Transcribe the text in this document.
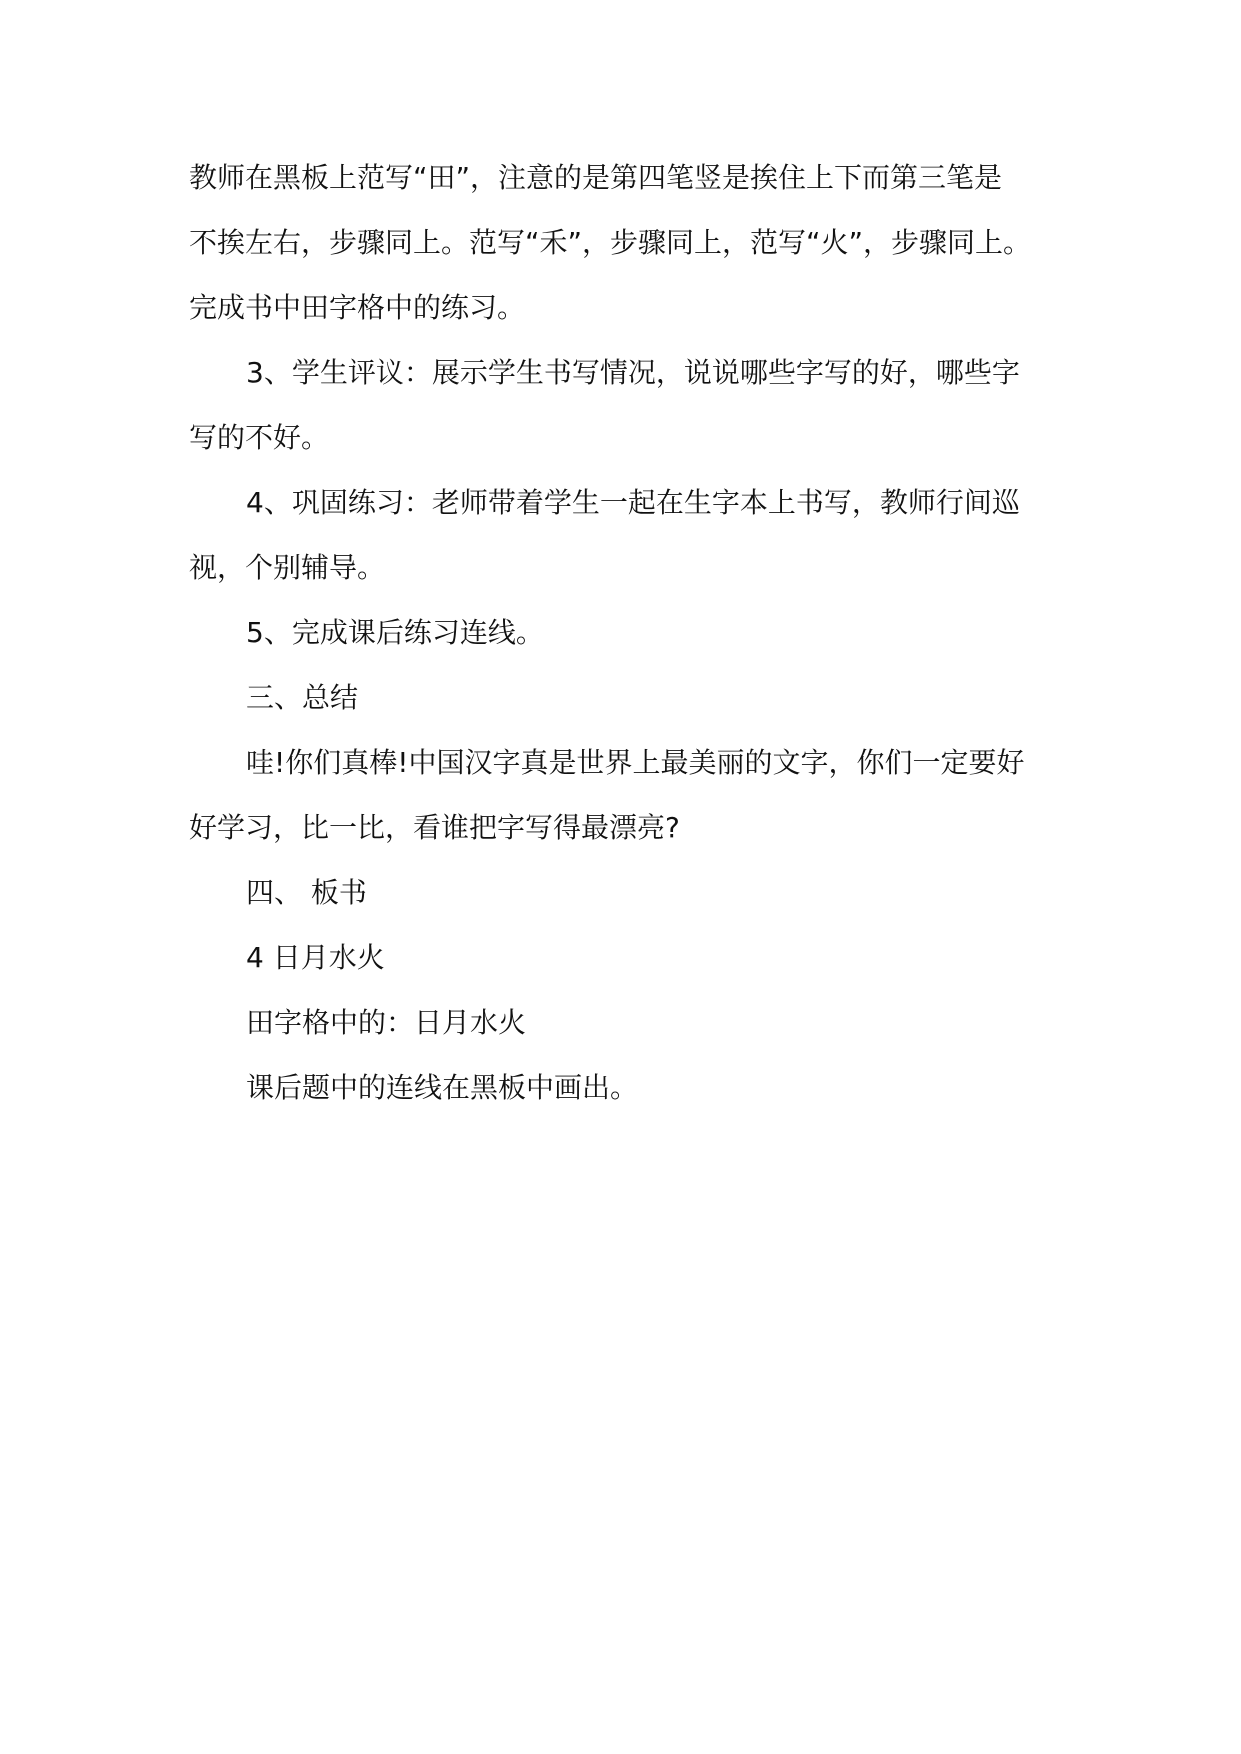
教师在黑板上范写“田”，注意的是第四笔竖是挨住上下而第三笔是
不挨左右，步骤同上。范写“禾”，步骤同上，范写“火”，步骤同上。
完成书中田字格中的练习。
3、学生评议：展示学生书写情况，说说哪些字写的好，哪些字
写的不好。
4、巩固练习：老师带着学生一起在生字本上书写，教师行间巡
视，个别辅导。
5、完成课后练习连线。
三、总结
哇!你们真棒!中国汉字真是世界上最美丽的文字，你们一定要好
好学习，比一比，看谁把字写得最漂亮?
四、 板书
4 日月水火
田字格中的：日月水火
课后题中的连线在黑板中画出。
